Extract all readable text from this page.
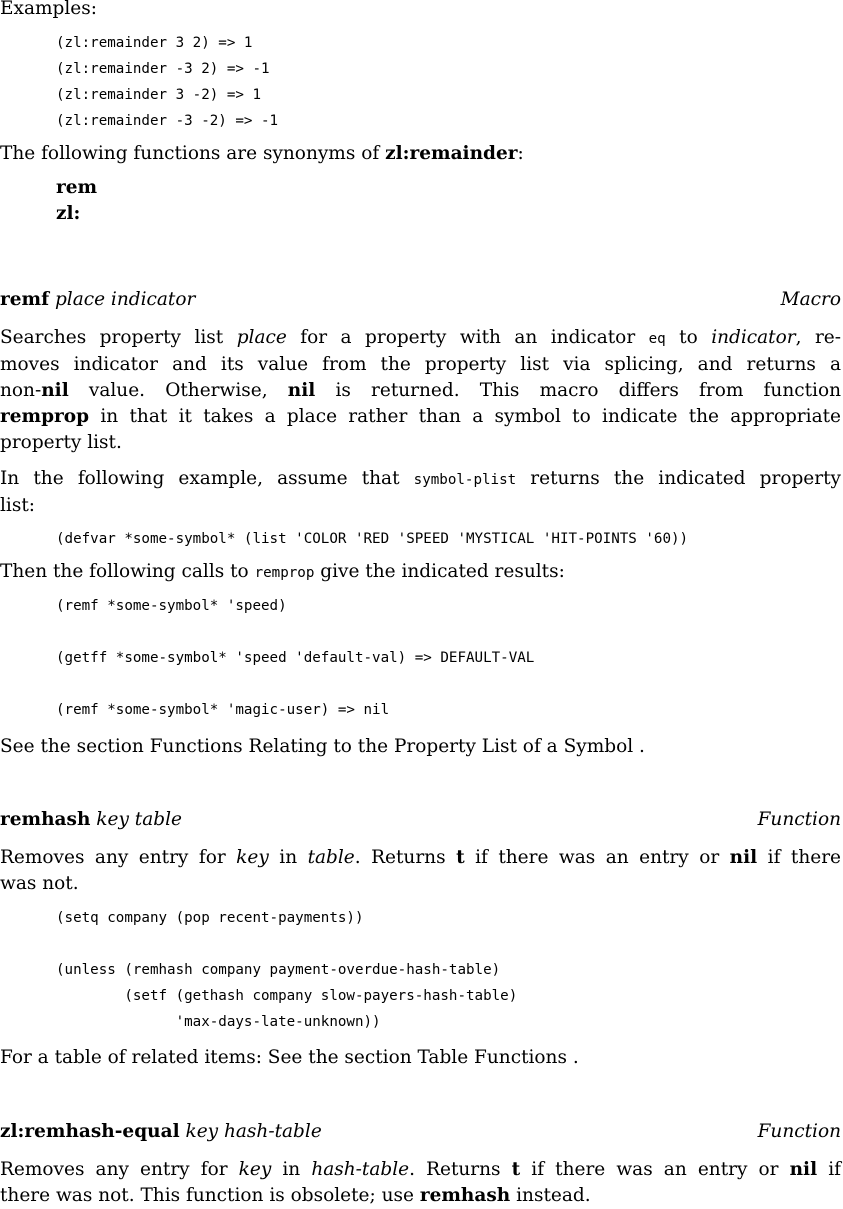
Examples:
(zl:remainder 3 2) => 1
(zl:remainder -3 2) => -1
(zl:remainder 3 -2) => 1
(zl:remainder -3 -2) => -1
The following functions are synonyms of zl:remainder:
rem
zl:
remf place indicator	Macro
Searches property list place for a property with an indicator eq to indicator, re-
moves indicator and its value from the property list via splicing, and returns a
non-nil value. Otherwise, nil is returned. This macro differs from function
remprop in that it takes a place rather than a symbol to indicate the appropriate
property list.
In the following example, assume that symbol-plist returns the indicated property
list:
(defvar *some-symbol* (list 'COLOR 'RED 'SPEED 'MYSTICAL 'HIT-POINTS '60))
Then the following calls to remprop give the indicated results:
(remf *some-symbol* 'speed)
(getff *some-symbol* 'speed 'default-val) => DEFAULT-VAL
(remf *some-symbol* 'magic-user) => nil
See the section Functions Relating to the Property List of a Symbol .
remhash key table	Function
Removes any entry for key in table. Returns t if there was an entry or nil if there
was not.
(setq company (pop recent-payments))
(unless (remhash company payment-overdue-hash-table)
(setf (gethash company slow-payers-hash-table)
'max-days-late-unknown))
For a table of related items: See the section Table Functions .
zl:remhash-equal key hash-table	Function
Removes any entry for key in hash-table. Returns t if there was an entry or nil if
there was not. This function is obsolete; use remhash instead.
